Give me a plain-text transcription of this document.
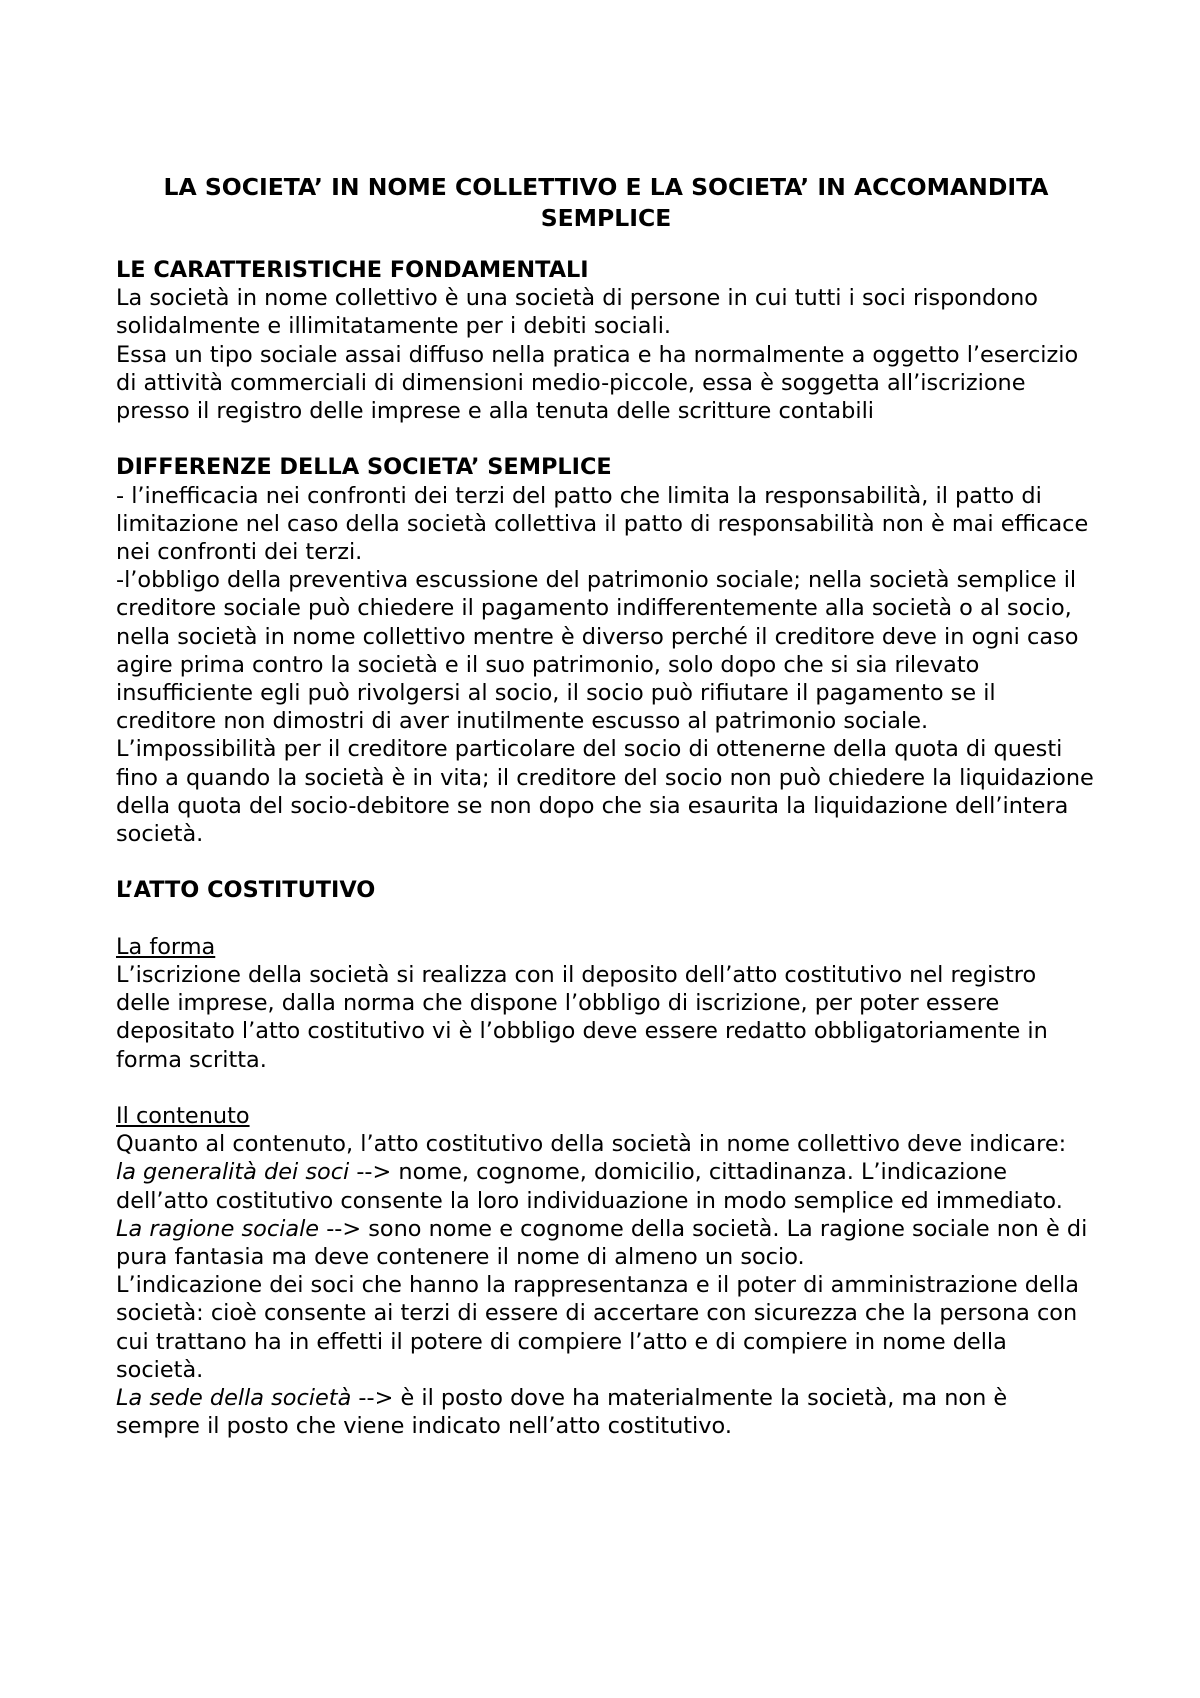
LA SOCIETA’ IN NOME COLLETTIVO E LA SOCIETA’ IN ACCOMANDITA SEMPLICE

LE CARATTERISTICHE FONDAMENTALI

La società in nome collettivo è una società di persone in cui tutti i soci rispondono solidalmente e illimitatamente per i debiti sociali.

Essa un tipo sociale assai diffuso nella pratica e ha normalmente a oggetto l’esercizio di attività commerciali di dimensioni medio-piccole, essa è soggetta all’iscrizione presso il registro delle imprese e alla tenuta delle scritture contabili

DIFFERENZE DELLA SOCIETA’ SEMPLICE

- l’inefficacia nei confronti dei terzi del patto che limita la responsabilità, il patto di limitazione nel caso della società collettiva il patto di responsabilità non è mai efficace nei confronti dei terzi.

-l’obbligo della preventiva escussione del patrimonio sociale; nella società semplice il creditore sociale può chiedere il pagamento indifferentemente alla società o al socio, nella società in nome collettivo mentre è diverso perché il creditore deve in ogni caso agire prima contro la società e il suo patrimonio, solo dopo che si sia rilevato insufficiente egli può rivolgersi al socio, il socio può rifiutare il pagamento se il creditore non dimostri di aver inutilmente escusso al patrimonio sociale.

L’impossibilità per il creditore particolare del socio di ottenerne della quota di questi fino a quando la società è in vita; il creditore del socio non può chiedere la liquidazione della quota del socio-debitore se non dopo che sia esaurita la liquidazione dell’intera società.

L’ATTO COSTITUTIVO

La forma

L’iscrizione della società si realizza con il deposito dell’atto costitutivo nel registro delle imprese, dalla norma che dispone l’obbligo di iscrizione, per poter essere depositato l’atto costitutivo vi è l’obbligo deve essere redatto obbligatoriamente in forma scritta.

Il contenuto

Quanto al contenuto, l’atto costitutivo della società in nome collettivo deve indicare:

la generalità dei soci --> nome, cognome, domicilio, cittadinanza. L’indicazione dell’atto costitutivo consente la loro individuazione in modo semplice ed immediato.

La ragione sociale --> sono nome e cognome della società. La ragione sociale non è di pura fantasia ma deve contenere il nome di almeno un socio.

L’indicazione dei soci che hanno la rappresentanza e il poter di amministrazione della società: cioè consente ai terzi di essere di accertare con sicurezza che la persona con cui trattano ha in effetti il potere di compiere l’atto e di compiere in nome della società.

La sede della società --> è il posto dove ha materialmente la società, ma non è sempre il posto che viene indicato nell’atto costitutivo.
